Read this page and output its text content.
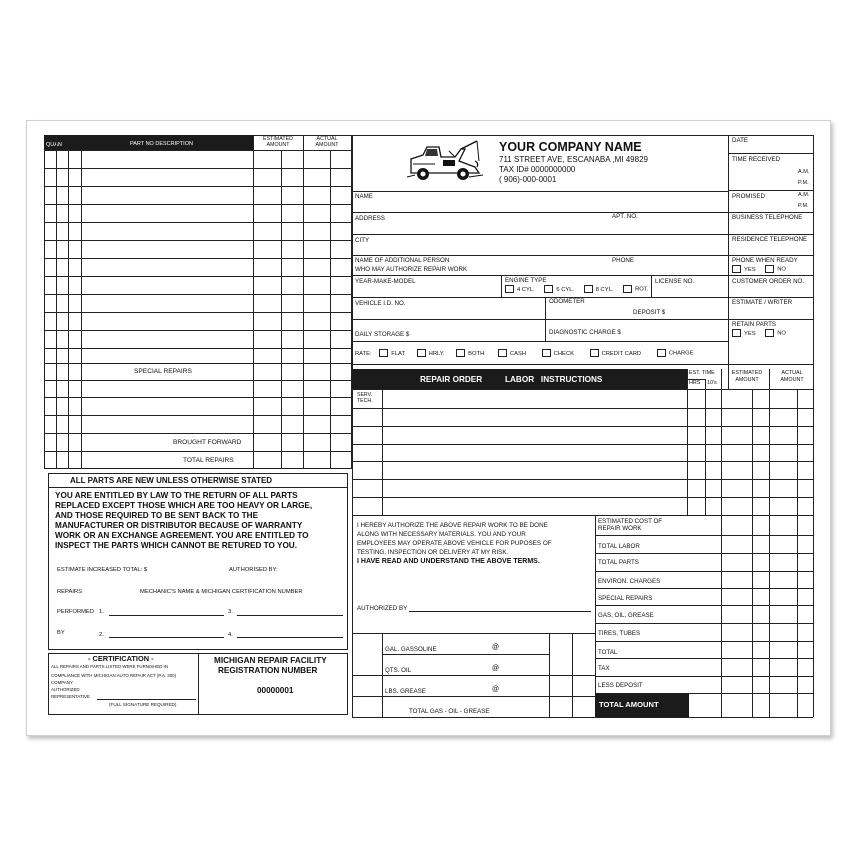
QUAN	PART NO DESCRIPTION
ESTIMATED AMOUNT
ACTUAL AMOUNT
SPECIAL REPAIRS
BROUGHT FORWARD
TOTAL REPAIRS
ALL PARTS ARE NEW UNLESS OTHERWISE STATED
YOU ARE ENTITLED BY LAW TO THE RETURN OF ALL PARTS
REPLACED EXCEPT THOSE WHICH ARE TOO HEAVY OR LARGE,
AND THOSE REQUIRED TO BE SENT BACK TO THE
MANUFACTURER OR DISTRIBUTOR BECAUSE OF WARRANTY
WORK OR AN EXCHANGE AGREEMENT. YOU ARE ENTITLED TO
INSPECT THE PARTS WHICH CANNOT BE RETURED TO YOU.
ESTIMATE INCREASED TOTAL: $	AUTHORISED BY:
REPAIRS	MECHANIC'S NAME & MICHIGAN CERTIFICATION NUMBER
PERFORMED 1.	3.
BY	2.	4.
- CERTIFICATION -
ALL REPAIRS AND PARTS LISTED WERE FURNISHED IN
COMPLIANCE WITH MICHIGAN AUTO REPAIR ACT (P.A. 300)
COMPANY
AUTHORIZED
REPRESENTATIVE
(FULL SIGNATURE REQUIRED)
MICHIGAN REPAIR FACILITY
REGISTRATION NUMBER
00000001
YOUR COMPANY NAME
711 STREET AVE, ESCANABA ,MI 49829
TAX ID# 0000000000
( 906)-000-0001
NAME
ADDRESS	APT. NO.
CITY
NAME OF ADDITIONAL PERSON
WHO MAY AUTHORIZE REPAIR WORK
PHONE
YEAR-MAKE-MODEL	ENGINE TYPE
4 CYL.	6 CYL.	8 CYL.	ROT.
LICENSE NO.
VEHICLE I.D. NO.	ODOMETER
DEPOSIT $
DAILY STORAGE $	DIAGNOSTIC CHARGE $
RATE:	FLAT	HRLY.	BOTH	CASH	CHECK	CREDIT CARD	CHARGE
DATE
TIME RECEIVED
A.M.
P.M.
PROMISED	A.M.
P.M.
BUSINESS TELEPHONE
RESIDENCE TELEPHONE
PHONE WHEN READY
YES	NO
CUSTOMER ORDER NO.
ESTIMATE / WRITER
RETAIN PARTS
YES	NO
REPAIR ORDER	LABOR   INSTRUCTIONS
EST. TIME
HRS 10's
ESTIMATED AMOUNT
ACTUAL AMOUNT
SERV. TECH.
I HEREBY AUTHORIZE THE ABOVE REPAIR WORK TO BE DONE
ALONG WITH NECESSARY MATERIALS. YOU AND YOUR
EMPLOYEES MAY OPERATE ABOVE VEHICLE FOR PUPOSES OF
TESTING, INSPECTION OR DELIVERY AT MY RISK.
I HAVE READ AND UNDERSTAND THE ABOVE TERMS.
AUTHORIZED BY
GAL. GASSOLINE	@
QTS. OIL	@
LBS. GREASE	@
TOTAL GAS - OIL - GREASE
ESTIMATED COST OF
REPAIR WORK
TOTAL LABOR
TOTAL PARTS
ENVIRON. CHARGES
SPECIAL REPAIRS
GAS, OIL, GREASE
TIRES, TUBES
TOTAL
TAX
LESS DEPOSIT
TOTAL AMOUNT
